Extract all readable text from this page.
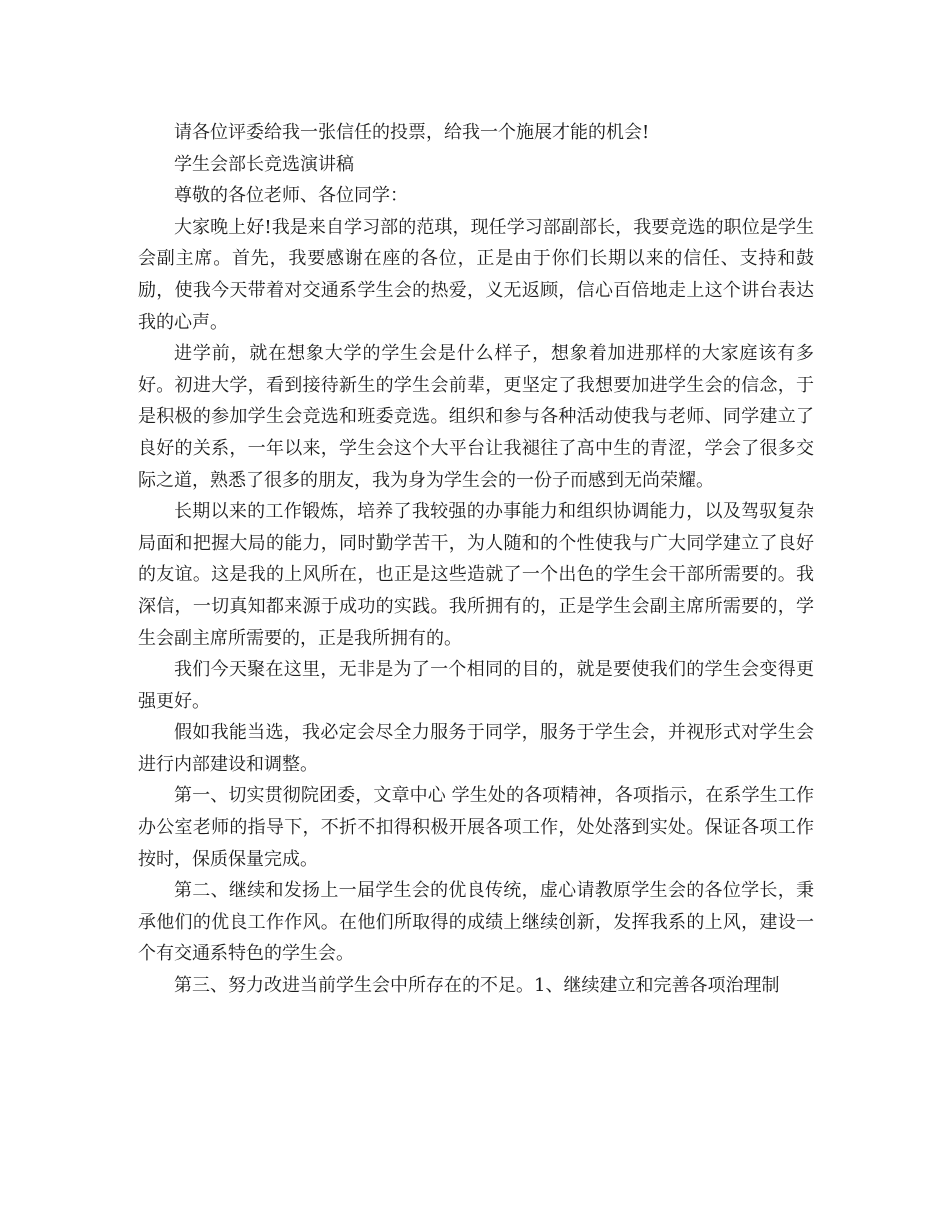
请各位评委给我一张信任的投票，给我一个施展才能的机会!

学生会部长竞选演讲稿

尊敬的各位老师、各位同学：

大家晚上好!我是来自学习部的范琪，现任学习部副部长，我要竞选的职位是学生会副主席。首先，我要感谢在座的各位，正是由于你们长期以来的信任、支持和鼓励，使我今天带着对交通系学生会的热爱，义无返顾，信心百倍地走上这个讲台表达我的心声。

进学前，就在想象大学的学生会是什么样子，想象着加进那样的大家庭该有多好。初进大学，看到接待新生的学生会前辈，更坚定了我想要加进学生会的信念，于是积极的参加学生会竞选和班委竞选。组织和参与各种活动使我与老师、同学建立了良好的关系，一年以来，学生会这个大平台让我褪往了高中生的青涩，学会了很多交际之道，熟悉了很多的朋友，我为身为学生会的一份子而感到无尚荣耀。

长期以来的工作锻炼，培养了我较强的办事能力和组织协调能力，以及驾驭复杂局面和把握大局的能力，同时勤学苦干，为人随和的个性使我与广大同学建立了良好的友谊。这是我的上风所在，也正是这些造就了一个出色的学生会干部所需要的。我深信，一切真知都来源于成功的实践。我所拥有的，正是学生会副主席所需要的，学生会副主席所需要的，正是我所拥有的。

我们今天聚在这里，无非是为了一个相同的目的，就是要使我们的学生会变得更强更好。

假如我能当选，我必定会尽全力服务于同学，服务于学生会，并视形式对学生会进行内部建设和调整。

第一、切实贯彻院团委，文章中心 学生处的各项精神，各项指示，在系学生工作办公室老师的指导下，不折不扣得积极开展各项工作，处处落到实处。保证各项工作按时，保质保量完成。

第二、继续和发扬上一届学生会的优良传统，虚心请教原学生会的各位学长，秉承他们的优良工作作风。在他们所取得的成绩上继续创新，发挥我系的上风，建设一个有交通系特色的学生会。

第三、努力改进当前学生会中所存在的不足。1、继续建立和完善各项治理制
